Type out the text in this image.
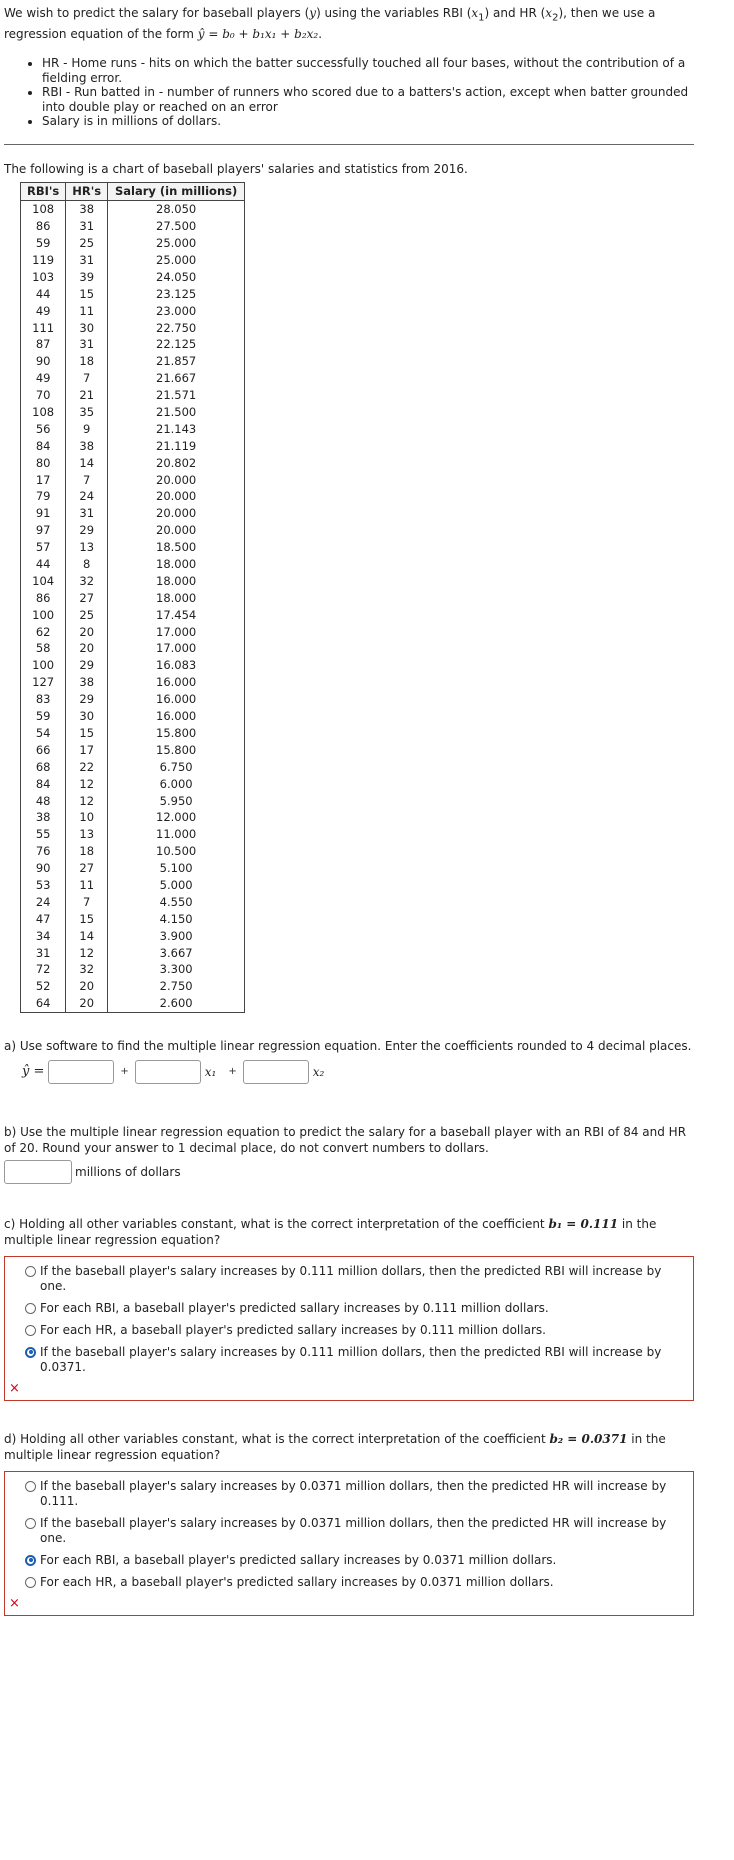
We wish to predict the salary for baseball players (y) using the variables RBI $(x_1)$ and HR $(x_2)$, then we use a
regression equation of the form ŷ = b₀ + b₁x₁ + b₂x₂.

• HR - Home runs - hits on which the batter successfully touched all four bases, without the contribution of a fielding error.
• RBI - Run batted in - number of runners who scored due to a batters's action, except when batter grounded into double play or reached on an error
• Salary is in millions of dollars.

The following is a chart of baseball players' salaries and statistics from 2016.

RBI's	HR's	Salary (in millions)
108	38	28.050
86	31	27.500
59	25	25.000
119	31	25.000
103	39	24.050
44	15	23.125
49	11	23.000
111	30	22.750
87	31	22.125
90	18	21.857
49	7	21.667
70	21	21.571
108	35	21.500
56	9	21.143
84	38	21.119
80	14	20.802
17	7	20.000
79	24	20.000
91	31	20.000
97	29	20.000
57	13	18.500
44	8	18.000
104	32	18.000
86	27	18.000
100	25	17.454
62	20	17.000
58	20	17.000
100	29	16.083
127	38	16.000
83	29	16.000
59	30	16.000
54	15	15.800
66	17	15.800
68	22	6.750
84	12	6.000
48	12	5.950
38	10	12.000
55	13	11.000
76	18	10.500
90	27	5.100
53	11	5.000
24	7	4.550
47	15	4.150
34	14	3.900
31	12	3.667
72	32	3.300
52	20	2.750
64	20	2.600

a) Use software to find the multiple linear regression equation. Enter the coefficients rounded to 4 decimal places.

ŷ =	+	x₁ +	x₂

b) Use the multiple linear regression equation to predict the salary for a baseball player with an RBI of 84 and HR of 20. Round your answer to 1 decimal place, do not convert numbers to dollars.

millions of dollars

c) Holding all other variables constant, what is the correct interpretation of the coefficient b₁ = 0.111 in the multiple linear regression equation?

If the baseball player's salary increases by 0.111 million dollars, then the predicted RBI will increase by one.
For each RBI, a baseball player's predicted sallary increases by 0.111 million dollars.
For each HR, a baseball player's predicted sallary increases by 0.111 million dollars.
If the baseball player's salary increases by 0.111 million dollars, then the predicted RBI will increase by 0.0371.
×

d) Holding all other variables constant, what is the correct interpretation of the coefficient b₂ = 0.0371 in the multiple linear regression equation?

If the baseball player's salary increases by 0.0371 million dollars, then the predicted HR will increase by 0.111.
If the baseball player's salary increases by 0.0371 million dollars, then the predicted HR will increase by one.
For each RBI, a baseball player's predicted sallary increases by 0.0371 million dollars.
For each HR, a baseball player's predicted sallary increases by 0.0371 million dollars.
×
